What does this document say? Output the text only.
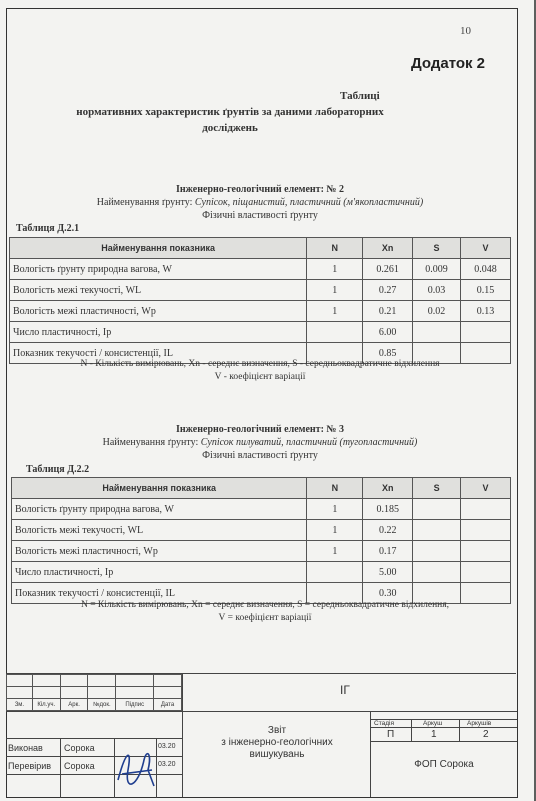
10
Додаток 2
Таблиці
нормативних характеристик ґрунтів за даними лабораторних
досліджень
Інженерно-геологічний елемент: № 2
Найменування ґрунту: Супісок, піщанистий, пластичний (м'якопластичний)
Фізичні властивості ґрунту
Таблиця Д.2.1
Найменування показника	N	Xn	S	V
Вологість ґрунту природна вагова, W	1	0.261	0.009	0.048
Вологість межі текучості, WL	1	0.27	0.03	0.15
Вологість межі пластичності, Wp	1	0.21	0.02	0.13
Число пластичності, Ip		6.00		
Показник текучості / консистенції, IL		0.85		
N - Кількість вимірювань, Xn - середнє визначення, S - середньоквадратичне відхилення
V - коефіцієнт варіації
Інженерно-геологічний елемент: № 3
Найменування ґрунту: Супісок пилуватий, пластичний (тугопластичний)
Фізичні властивості ґрунту
Таблиця Д.2.2
Найменування показника	N	Xn	S	V
Вологість ґрунту природна вагова, W	1	0.185		
Вологість межі текучості, WL	1	0.22		
Вологість межі пластичності, Wp	1	0.17		
Число пластичності, Ip		5.00		
Показник текучості / консистенції, IL		0.30		
N = Кількість вимірювань, Xn = середнє визначення, S = середньоквадратичне відхилення,
V = коефіцієнт варіації

Зм.	Кіл.уч.	Арк.	№док.	Підпис	Дата
ІГ
Виконав Сорока	03.20
Перевірив Сорока	03.20
Звіт
з інженерно-геологічних
вишукувань
Стадія	Аркуш	Аркушів
П	1	2
ФОП Сорока
